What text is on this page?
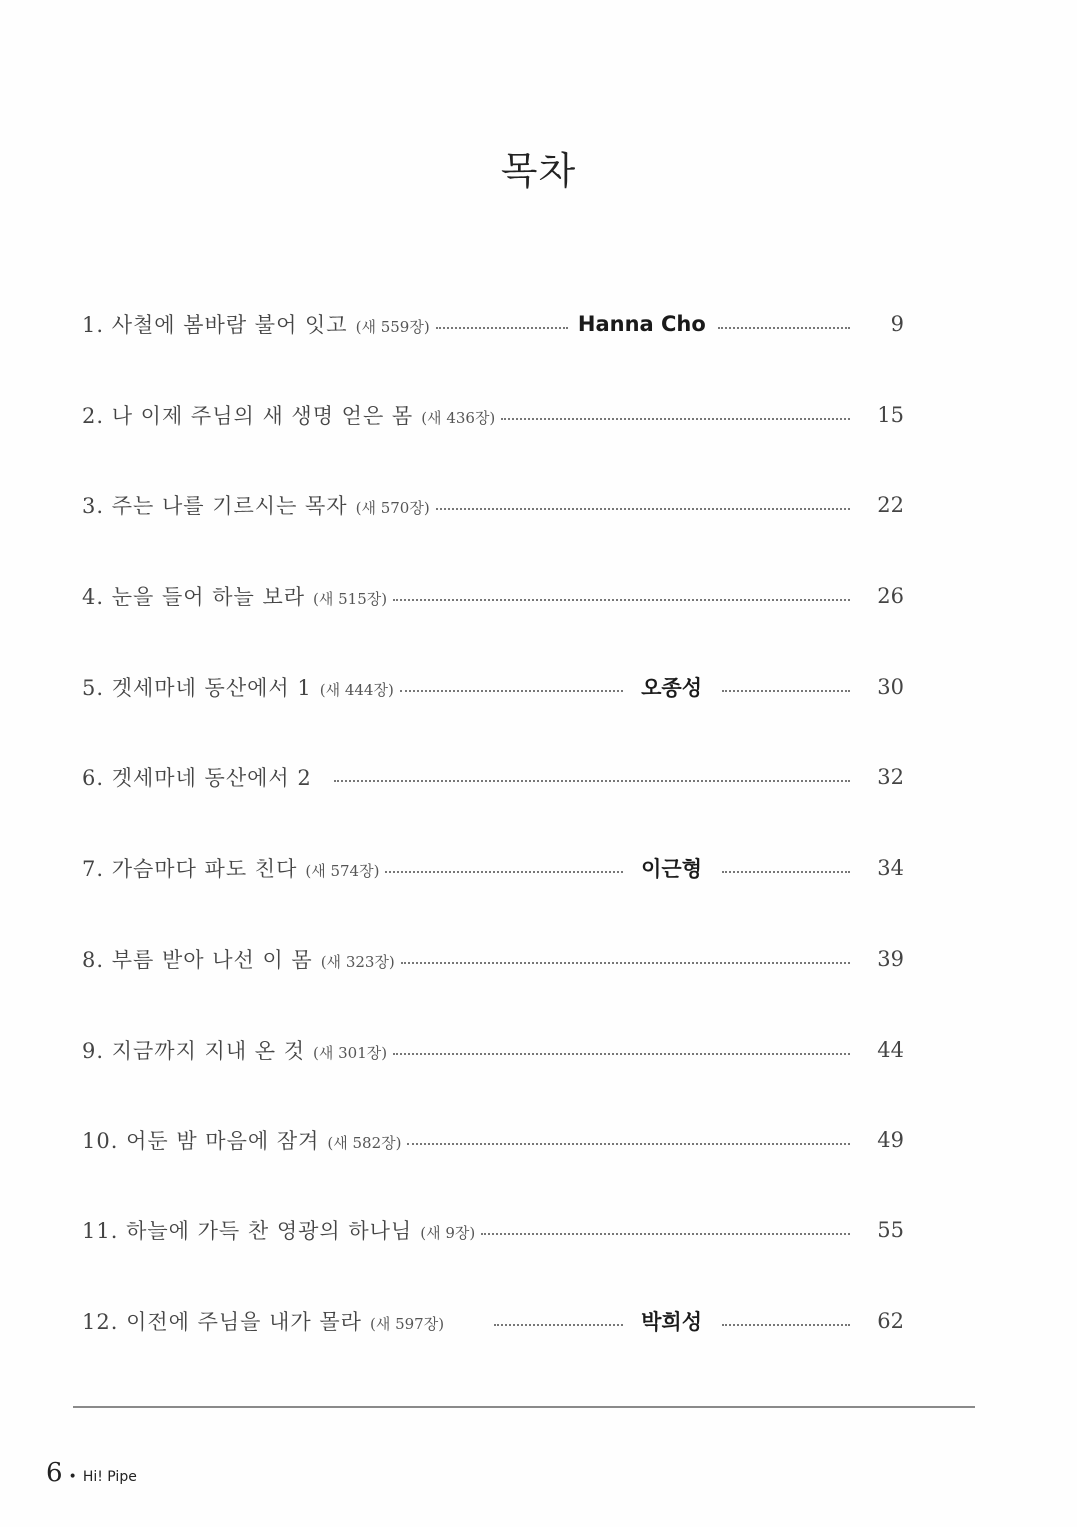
목차
1. 사철에 봄바람 불어 잇고 (새 559장)	Hanna Cho	9
2. 나 이제 주님의 새 생명 얻은 몸 (새 436장)	15
3. 주는 나를 기르시는 목자 (새 570장)	22
4. 눈을 들어 하늘 보라 (새 515장)	26
5. 겟세마네 동산에서 1 (새 444장)	오종성	30
6. 겟세마네 동산에서 2	32
7. 가슴마다 파도 친다 (새 574장)	이근형	34
8. 부름 받아 나선 이 몸 (새 323장)	39
9. 지금까지 지내 온 것 (새 301장)	44
10. 어둔 밤 마음에 잠겨 (새 582장)	49
11. 하늘에 가득 찬 영광의 하나님 (새 9장)	55
12. 이전에 주님을 내가 몰라 (새 597장)	박희성	62
6 • Hi! Pipe
